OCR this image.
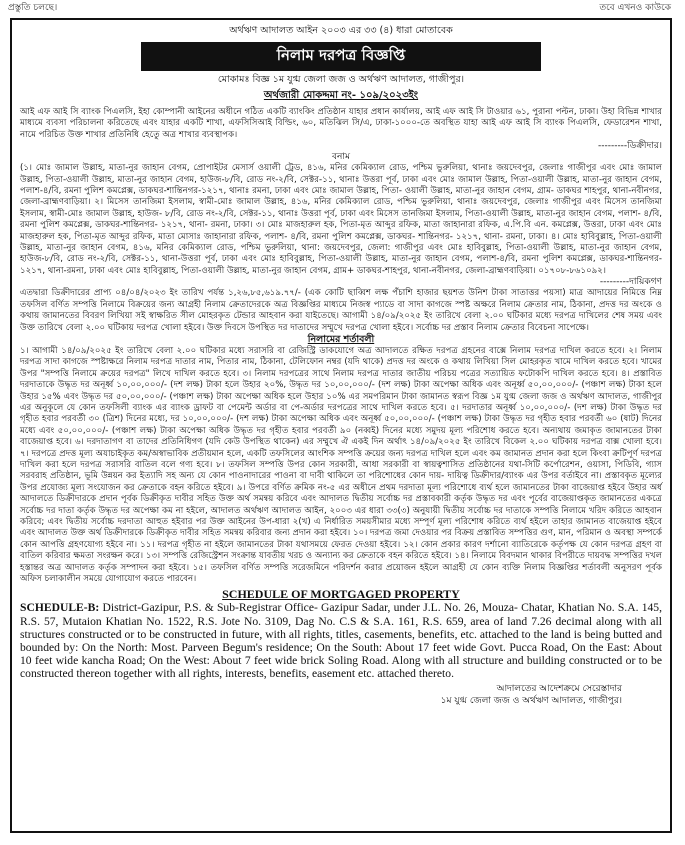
প্রস্তুতি চলছে।	তবে এখনও কাউকে

অর্থঋণ আদালত আইন ২০০৩ এর ৩৩ (৪) ধারা মোতাবেক

নিলাম দরপত্র বিজ্ঞপ্তি

মোকামঃ বিজ্ঞ ১ম যুগ্ম জেলা জজ ও অর্থঋণ আদালত, গাজীপুর।

অর্থজারী মোকদ্দমা নং- ১০৯/২০২৩ইং

আই এফ আই সি ব্যাংক পিএলসি, ইহা কোম্পানী আইনের অধীনে গঠিত একটি ব্যাংকিং প্রতিষ্ঠান যাহার প্রধান কার্যালয়, আই এফ আই সি টাওয়ার ৬১, পুরানা পল্টন, ঢাকা। উহা বিভিন্ন শাখার মাধ্যমে ব্যবসা পরিচালনা করিতেছে এবং যাহার একটি শাখা, এফসিসিআই বিল্ডিং, ৬০, মতিঝিল সি/এ, ঢাকা-১০০০-তে অবস্থিত যাহা আই এফ আই সি ব্যাংক পিএলসি, ফেডারেশন শাখা, নামে পরিচিত উক্ত শাখার প্রতিনিধি হেতুে অত্র শাখার ব্যবস্থাপক।

---------ডিক্রীদার।

বনাম

(১। মোঃ জামাল উল্লাহ, মাতা-নুর জাহান বেগম, প্রোপাইটর মেসার্স ওয়ালী ট্রেড, ৪১৬, মনির কেমিক্যাল রোড, পশ্চিম ভুরুলিয়া, থানাঃ জয়দেবপুর, জেলাঃ গাজীপুর এবং মোঃ জামাল উল্লাহ, পিতা-ওয়ালী উল্লাহ, মাতা-নুর জাহান বেগম, হাউজ-৮/বি, রোড নং-২/বি, সেক্টর-১১, থানাঃ উত্তরা পূর্ব, ঢাকা এবং মোঃ জামাল উল্লাহ, পিতা-ওয়ালী উল্লাহ, মাতা-নুর জাহান বেগম, পলাশ-৪/বি, রমনা পুলিশ কমপ্লেক্স, ডাকঘর-শান্তিনগর-১২১৭, থানাঃ রমনা, ঢাকা এবং মোঃ জামাল উল্লাহ, পিতা- ওয়ালী উল্লাহ, মাতা-নুর জাহান বেগম, গ্রাম- ডাকঘর শাহপুর, থানা-নবীনগর, জেলা-ব্রাহ্মণবাড়িয়া। ২। মিসেস তানজিমা ইসলাম, স্বামী-মোঃ জামাল উল্লাহ, ৪১৬, মনির কেমিক্যাল রোড, পশ্চিম ভুরুলিয়া, থানাঃ জয়দেবপুর, জেলাঃ গাজীপুর এবং মিসেস তানজিমা ইসলাম, স্বামী-মোঃ জামাল উল্লাহ, হাউজ- ৮/বি, রোড নং-২/বি, সেক্টর-১১, থানাঃ উত্তরা পূর্ব, ঢাকা এবং মিসেস তানজিমা ইসলাম, পিতা-ওয়ালী উল্লাহ, মাতা-নুর জাহান বেগম, পলাশ- ৪/বি, রমনা পুলিশ কমপ্লেক্স, ডাকঘর-শান্তিনগর- ১২১৭, থানা- রমনা, ঢাকা। ৩। মোঃ মাজহারুল হক, পিতা-মৃত আব্দুর রফিক, মাতা জাহানারা রফিক, এ.পি.বি এন. কমপ্লেক্স, উত্তরা, ঢাকা এবং মোঃ মাজহারুল হক, পিতা-মৃত আব্দুর রফিক, মাতা মোসাঃ জাহানারা রফিক, পলাশ- ৪/বি, রমনা পুলিশ কমপ্লেক্স, ডাকঘর- শান্তিনগর- ১২১৭, থানা- রমনা, ঢাকা। ৪। মোঃ হাবিবুল্লাহ, পিতা-ওয়ালী উল্লাহ, মাতা-নুর জাহান বেগম, ৪১৬, মনির কেমিক্যাল রোড, পশ্চিম ভুরুলিয়া, থানা: জয়দেবপুর, জেলা: গাজীপুর এবং মোঃ হাবিবুল্লাহ, পিতা-ওয়ালী উল্লাহ, মাতা-নুর জাহান বেগম, হাউজ-৮/বি, রোড নং-২/বি, সেক্টর-১১, থানা-উত্তরা পূর্ব, ঢাকা এবং মোঃ হাবিবুল্লাহ, পিতা-ওয়ালী উল্লাহ, মাতা-নুর জাহান বেগম, পলাশ-৪/বি, রমনা পুলিশ কমপ্লেক্স, ডাকঘর-শান্তিনগর- ১২১৭, থানা-রমনা, ঢাকা এবং মোঃ হাবিবুল্লাহ, পিতা-ওয়ালী উল্লাহ, মাতা-নুর জাহান বেগম, গ্রাম+ ডাকঘর-শাহপুর, থানা-নবীনগর, জেলা-ব্রাহ্মণবাড়িয়া। ০১৭০৮-৮৬১০৯২।

---------দায়িকগণ

এতদ্বারা ডিক্রীদারের প্রাপ্য ০৪/০৪/২০২৩ ইং তারিখ পর্যন্ত ১,২৬,৮৫,৬১৯.৭৭/- (এক কোটি ছাব্বিশ লক্ষ পঁচাশি হাজার ছয়শত উনিশ টাকা সাতাত্তর পয়সা) মাত্র আদায়ের নিমিত্তে নিম্ন তফসিল বর্ণিত সম্পত্তি নিলামে বিক্রয়ের জন্য আগ্রহী নিলাম ক্রেতাদেরকে অত্র বিজ্ঞপ্তির মাধ্যমে নিজস্ব প্যাডে বা সাদা কাগজে স্পষ্ট অক্ষরে নিলাম ক্রেতার নাম, ঠিকানা, প্রদত্ত দর অংকে ও কথায় জামানতের বিবরণ লিখিয়া সই স্বাক্ষরিত সীল মোহরকৃত টেন্ডার আহবান করা যাইতেছে। আগামী ১৪/০৯/২০২৫ ইং তারিখে বেলা ২.০০ ঘটিকার মধ্যে দরপত্র দাখিলের শেষ সময় এবং উক্ত তারিখে বেলা ২.০০ ঘটিকায় দরপত্র খোলা হইবে। উক্ত দিবসে উপস্থিত দর দাতাদের সম্মুখে দরপত্র খোলা হইবে। সর্বোচ্চ দর প্রস্তাব নিলাম ক্রেতার বিবেচনা সাপেক্ষে।

নিলামের শর্তাবলী

১। আগামী ১৪/০৯/২০২৫ ইং তারিখে বেলা ২.০০ ঘটিকার মধ্যে সরাসরি বা রেজিস্ট্রি ডাকযোগে অত্র আদালতে রক্ষিত দরপত্র গ্রহনের বাক্সে নিলাম দরপত্র দাখিল করতে হবে। ২। নিলাম দরপত্র সাদা কাগজে স্পষ্টাক্ষরে নিলাম দরপত্র দাতার নাম, পিতার নাম, ঠিকানা, টেলিফোন নম্বর (যদি থাকে) প্রদত্ত দর অংকে ও কথায় লিখিয়া সিল মোহরকৃত খামে দাখিল করতে হবে। খামের উপর "সম্পত্তি নিলামে ক্রয়ের দরপত্র" লিখে দাখিল করতে হবে। ৩। নিলাম দরপত্রের সাথে নিলাম দরপত্র দাতার জাতীয় পরিচয় পত্রের সত্যায়িত ফটোকপি দাখিল করতে হবে। ৪। প্রস্তাবিত দরদাতাকে উদ্ধৃত দর অনূর্ধ্ব ১০,০০,০০০/- (দশ লক্ষ) টাকা হলে উহার ২০%, উদ্ধৃত দর ১০,০০,০০০/- (দশ লক্ষ) টাকা অপেক্ষা অধিক এবং অনূর্ধ্ব ৫০,০০,০০০/- (পঞ্চাশ লক্ষ) টাকা হলে উহার ১৫% এবং উদ্ধৃত দর ৫০,০০,০০০/- (পঞ্চাশ লক্ষ) টাকা অপেক্ষা অধিক হলে উহার ১০% এর সমপরিমান টাকা জামানত স্বরূপ বিজ্ঞ ১ম যুগ্ম জেলা জজ ও অর্থঋণ আদালত, গাজীপুর এর অনুকূলে যে কোন তফসিলী ব্যাংক এর ব্যাংক ড্রাফট বা পেমেন্ট অর্ডার বা পে-অর্ডার দরপত্রের সাথে দাখিল করতে হবে। ৫। দরদাতার অনূর্ধ্ব ১০,০০,০০০/- (দশ লক্ষ) টাকা উদ্ধৃত দর গৃহীত হবার পরবর্তী ৩০ (ত্রিশ) দিনের মধ্যে, দর ১০,০০,০০০/- (দশ লক্ষ) টাকা অপেক্ষা অধিক এবং অনূর্ধ্ব ৫০,০০,০০০/- (পঞ্চাশ লক্ষ) টাকা উদ্ধৃত দর গৃহীত হবার পরবর্তী ৬০ (ষাট) দিনের মধ্যে এবং ৫০,০০,০০০/- (পঞ্চাশ লক্ষ) টাকা অপেক্ষা অধিক উদ্ধৃত দর গৃহীত হবার পরবর্তী ৯০ (নব্বই) দিনের মধ্যে সমুদয় মূল্য পরিশোধ করতে হবে। অন্যথায় জমাকৃত জামানতের টাকা বাজেয়াপ্ত হবে। ৬। দরদাতাগণ বা তাদের প্রতিনিধিগণ (যদি কেউ উপস্থিত থাকেন) এর সম্মুখে ঐ একই দিন অর্থাৎ ১৪/০৯/২০২৫ ইং তারিখে বিকেল ২.০০ ঘটিকায় দরপত্র বাক্স খোলা হবে। ৭। দরপত্রে প্রদত্ত মূল্য অযাচাইকৃত কম/অস্বাভাবিক প্রতীয়মান হলে, একটি তফসিলের আংশিক সম্পত্তি ক্রয়ের জন্য দরপত্র দাখিল হলে এবং কম জামানত প্রদান করা হলে কিংবা ক্রটিপূর্ণ দরপত্র দাখিল করা হলে দরপত্র সরাসরি বাতিল বলে গণ্য হবে। ৮। তফসিল সম্পত্তি উপর কোন সরকারী, আধা সরকারী বা স্বায়ত্বশাসিত প্রতিষ্ঠানের যথা-সিটি কর্পোরেশন, ওয়াসা, পিডিবি, গ্যাস সরবরাহ প্রতিষ্ঠান, ভূমি উন্নয়ন কর ইত্যাদি সহ অন্য যে কোন পাওনাদারের পাওনা বা দাবী থাকিলে তা পরিশোধের কোন দায়- দায়িত্ব ডিক্রীদার/ব্যাংক এর উপর বর্তাইবে না। প্রস্তাবকৃত মূল্যের উপর প্রযোজ্য মূল্য সংযোজন কর ক্রেতাকে বহন করিতে হইবে। ৯। উপরে বর্ণিত ক্রমিক নং-৫ এর অধীনে প্রথম দরদাতা মূল্য পরিশোধে ব্যর্থ হলে জামানতের টাকা বাজেয়াপ্ত হইবে উহার অর্ধ আদালতে ডিক্রীদারকে প্রদান পূর্বক ডিক্রীকৃত দাবীর সহিত উক্ত অর্থ সমন্বয় করিবে এবং আদালত দ্বিতীয় সর্বোচ্চ দর প্রস্তাবকারী কর্তৃক উদ্ধৃত দর এবং পূর্বের বাজেয়াপ্তকৃত জামানতের একত্রে সর্বোচ্চ দর দাতা কর্তৃক উদ্ধৃত দর অপেক্ষা কম না হইলে, আদালত অর্থঋণ আদালত আইন, ২০০৩ এর ধারা ৩৩(৩) অনুযায়ী দ্বিতীয় সর্বোচ্চ দর দাতাকে সম্পত্তি নিলামে খরিদ করিতে আহবান করিবে; এবং দ্বিতীয় সর্বোচ্চ দরদাতা আহুত হইবার পর উক্ত আইনের উপ-ধারা ২(খ) এ নির্ধারিত সময়সীমার মধ্যে সম্পূর্ণ মূল্য পরিশোধ করিতে ব্যর্থ হইলে তাহার জামানত বাজেয়াপ্ত হইবে এবং আদালত উক্ত অর্থ ডিক্রীদারকে ডিক্রীকৃত দাবীর সহিত সমন্বয় করিবার জন্য প্রদান করা হইবে। ১০। দরপত্র জমা দেওয়ার পর বিক্রয় প্রস্তাবিত সম্পত্তির গুণ, মান, পরিমান ও অবস্থা সম্পর্কে কোন আপত্তি গ্রহণযোগ্য হইবে না। ১১। দরপত্র গৃহীত না হইলে জামানতের টাকা যথাসময়ে ফেরত দেওয়া হইবে। ১২। কোন প্রকার কারণ দর্শানো ব্যাতিরেকে কর্তৃপক্ষ যে কোন দরপত্র গ্রহণ বা বাতিল করিবার ক্ষমতা সংরক্ষন করে। ১৩। সম্পত্তি রেজিস্ট্রেশন সংক্রান্ত যাবতীয় খরচ ও অন্যান্য কর ক্রেতাকে বহন করিতে হইবে। ১৪। নিলামে বিবদমান থাকার বিপরীতে দায়বদ্ধ সম্পত্তির দখল হস্তান্তর অত্র আদালত কর্তৃক সম্পাদন করা হইবে। ১৫। তফসিল বর্ণিত সম্পত্তি সরেজমিনে পরিদর্শন করার প্রয়োজন হইলে আগ্রহী যে কোন ব্যক্তি নিলাম বিজ্ঞপ্তির শর্তাবলী অনুসরণ পূর্বক অফিস চলাকালীন সময়ে যোগাযোগ করতে পারবেন।

SCHEDULE OF MORTGAGED PROPERTY

SCHEDULE-B: District-Gazipur, P.S. & Sub-Registrar Office- Gazipur Sadar, under J.L. No. 26, Mouza- Chatar, Khatian No. S.A. 145, R.S. 57, Mutaion Khatian No. 1522, R.S. Jote No. 3109, Dag No. C.S & S.A. 161, R.S. 659, area of land 7.26 decimal along with all structures constructed or to be constructed in future, with all rights, titles, casements, benefits, etc. attached to the land is being butted and bounded by: On the North: Most. Parveen Begum's residence; On the South: About 17 feet wide Govt. Pucca Road, On the East: About 10 feet wide kancha Road; On the West: About 7 feet wide brick Soling Road. Along with all structure and building constructed or to be constructed thereon together with all rights, interests, benefits, easement etc. attached thereto.

আদালতের আদেশক্রমে সেরেস্তাদার
১ম যুগ্ম জেলা জজ ও অর্থঋণ আদালত, গাজীপুর।
